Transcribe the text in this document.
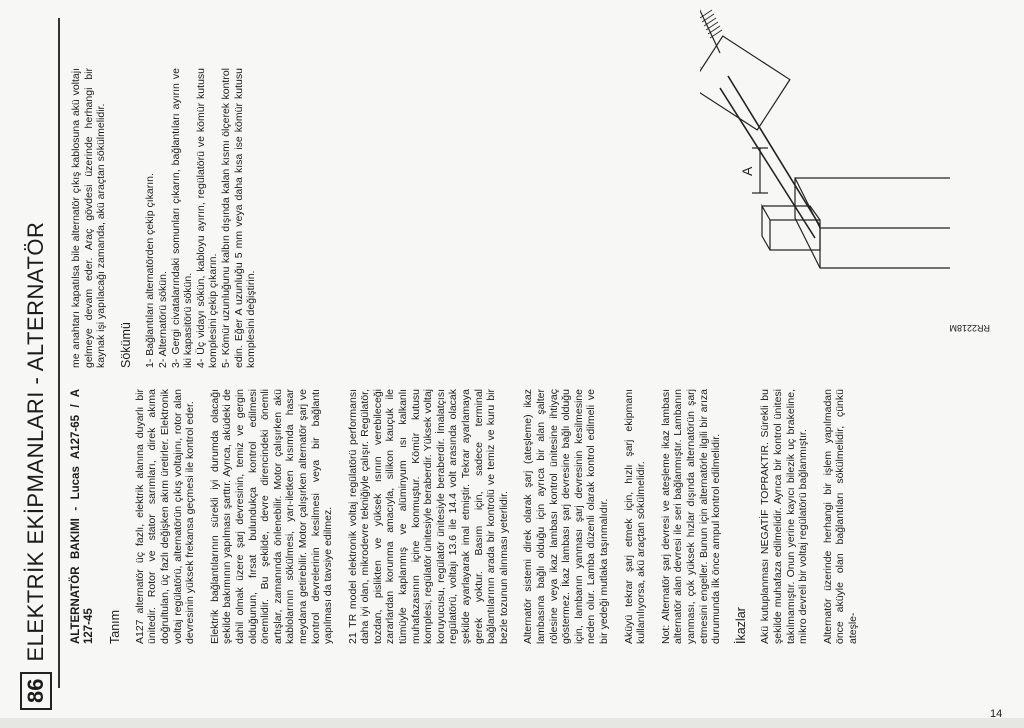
86
ELEKTRİK EKİPMANLARI - ALTERNATÖR ALTERNATÖR BAKIMI - Lucas A127-65 / A 127-45 Tanım A127 alternatör üç fazlı, elektrik alanına duyarlı bir ünitedir. Rotor ve stator sarımları, direk akıma doğrultulan, üç fazlı değişken akım üretirler. Elektronik voltaj regülatörü, alternatörün çıkış voltajını, rotor alan devresinin yüksek frekansa geçmesi ile kontrol eder. Elektrik bağlantılarının sürekli iyi durumda olacağı şekilde bakımının yapılması şarttır. Ayrıca, aküdeki de dahil olmak üzere şarj devresinin, temiz ve gergin olduğunun, fırsat bulundukça kontrol edilmesi önemlidir. Bu şekilde, devre direncindeki önemli artışlar, zamanında önlenebilir. Motor çalışırken akü kablolarının sökülmesi, yarı-iletken kısımda hasar meydana getirebilir. Motor çalışırken alternatör şarj ve kontrol devrelerinin kesilmesi veya bir bağlantı yapılması da tavsiye edilmez. 21 TR model elektronik voltaj regülatörü performansı daha iyi olan, mikrodevre tekniğiyle çalışır. Regülatör, tozdan, pislikten ve yüksek ısının verebileceği zararlardan korunma amacıyla, silikon kauçuk ile tümüyle kaplanmış ve alüminyum ısı kalkanlı muhafazasının içine konmuştur. Kömür kutusu komplesi, regülatör ünitesiyle beraberdir. Yüksek voltaj koruyucusu, regülatör ünitesiyle beraberdir. İmalatçısı regülatörü, voltajı 13.6 ile 14.4 volt arasında olacak şekilde ayarlayarak imal etmiştir. Tekrar ayarlamaya gerek yoktur. Basım için, sadece terminal bağlantılarının arada bir kontrolü ve temiz ve kuru bir bezle tozunun alınması yeterlidir. Alternatör sistemi direk olarak şarj (ateşleme) ikaz lambasına bağlı olduğu için ayrıca bir alan şalter rölesine veya ikaz lambası kontrol ünitesine ihtiyaç göstermez. İkaz lambası şarj devresine bağlı olduğu için, lambanın yanması şarj devresinin kesilmesine neden olur. Lamba düzenli olarak kontrol edilmeli ve bir yedeği mutlaka taşınmalıdır. Aküyü tekrar şarj etmek için, hızlı şarj ekipmanı kullanılıyorsa, akü araçtan sökülmelidir. Not: Alternatör şarj devresi ve ateşleme ikaz lambası alternatör alan devresi ile seri bağlanmıştır. Lambanın yanması, çok yüksek hızlar dışında alternatörün şarj etmesini engeller. Bunun için alternatörle ilgili bir arıza durumunda ilk önce ampul kontrol edilmelidir. İkazlar Akü kutuplanması NEGATİF TOPRAKTIR. Sürekli bu şekilde muhafaza edilmelidir. Ayrıca bir kontrol ünitesi takılmamıştır. Onun yerine kayıcı bilezik uç brakeline, mikro devreli bir voltaj regülatörü bağlanmıştır. Alternatör üzerinde herhangi bir işlem yapılmadan önce aküyle olan bağlantıları sökülmelidir, çünkü ateşle-

me anahtarı kapatılsa bile alternatör çıkış kablosuna akü voltajı gelmeye devam eder. Araç gövdesi üzerinde herhangi bir kaynak işi yapılacağı zamanda, akü araçtan sökülmelidir. Sökümü 1- Bağlantıları alternatörden çekip çıkarın. 2- Alternatörü sökün. 3- Gergi civatalarındaki somunları çıkarın, bağlantıları ayırın ve iki kapasitörü sökün. 4- Üç vidayı sökün, kabloyu ayırın, regülatörü ve kömür kutusu komplesini çekip çıkarın. 5- Kömür uzunluğunu kalbın dışında kalan kısmı ölçerek kontrol edin. Eğer A uzunluğu 5 mm veya daha kısa ise kömür kutusu komplesini değiştirin.

A
RR2218M
14
